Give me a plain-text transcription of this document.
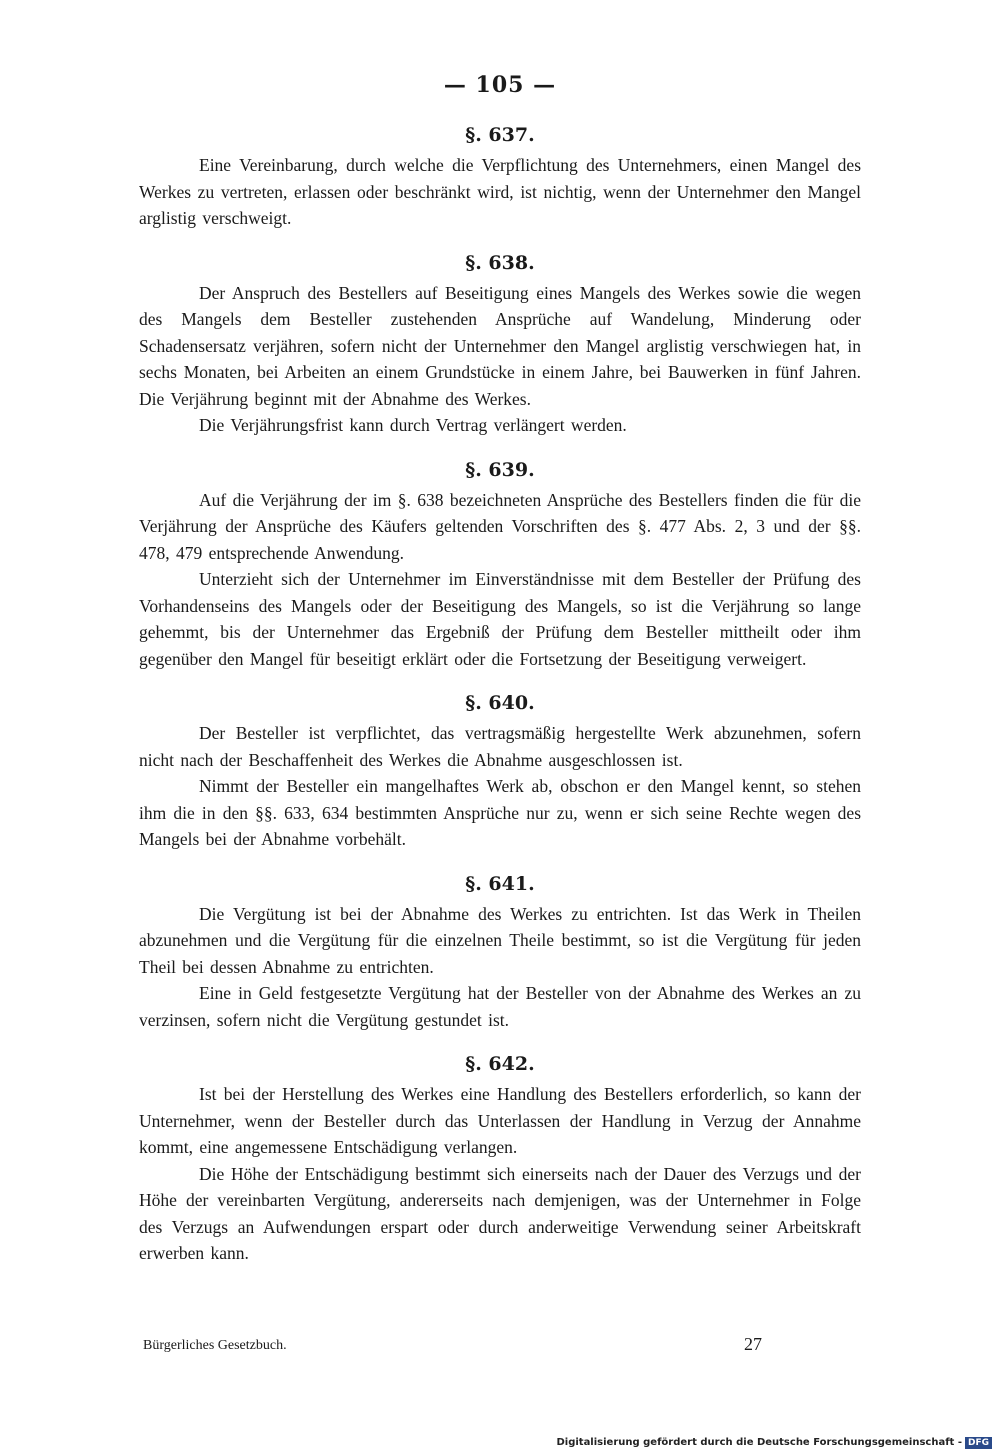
— 105 —
§. 637.

Eine Vereinbarung, durch welche die Verpflichtung des Unternehmers, einen Mangel des Werkes zu vertreten, erlassen oder beschränkt wird, ist nichtig, wenn der Unternehmer den Mangel arglistig verschweigt.

§. 638.

Der Anspruch des Bestellers auf Beseitigung eines Mangels des Werkes sowie die wegen des Mangels dem Besteller zustehenden Ansprüche auf Wandelung, Minderung oder Schadensersatz verjähren, sofern nicht der Unternehmer den Mangel arglistig verschwiegen hat, in sechs Monaten, bei Arbeiten an einem Grundstücke in einem Jahre, bei Bauwerken in fünf Jahren. Die Verjährung beginnt mit der Abnahme des Werkes.

Die Verjährungsfrist kann durch Vertrag verlängert werden.

§. 639.

Auf die Verjährung der im §. 638 bezeichneten Ansprüche des Bestellers finden die für die Verjährung der Ansprüche des Käufers geltenden Vorschriften des §. 477 Abs. 2, 3 und der §§. 478, 479 entsprechende Anwendung.

Unterzieht sich der Unternehmer im Einverständnisse mit dem Besteller der Prüfung des Vorhandenseins des Mangels oder der Beseitigung des Mangels, so ist die Verjährung so lange gehemmt, bis der Unternehmer das Ergebniß der Prüfung dem Besteller mittheilt oder ihm gegenüber den Mangel für beseitigt erklärt oder die Fortsetzung der Beseitigung verweigert.

§. 640.

Der Besteller ist verpflichtet, das vertragsmäßig hergestellte Werk abzunehmen, sofern nicht nach der Beschaffenheit des Werkes die Abnahme ausgeschlossen ist.

Nimmt der Besteller ein mangelhaftes Werk ab, obschon er den Mangel kennt, so stehen ihm die in den §§. 633, 634 bestimmten Ansprüche nur zu, wenn er sich seine Rechte wegen des Mangels bei der Abnahme vorbehält.

§. 641.

Die Vergütung ist bei der Abnahme des Werkes zu entrichten. Ist das Werk in Theilen abzunehmen und die Vergütung für die einzelnen Theile bestimmt, so ist die Vergütung für jeden Theil bei dessen Abnahme zu entrichten.

Eine in Geld festgesetzte Vergütung hat der Besteller von der Abnahme des Werkes an zu verzinsen, sofern nicht die Vergütung gestundet ist.

§. 642.

Ist bei der Herstellung des Werkes eine Handlung des Bestellers erforderlich, so kann der Unternehmer, wenn der Besteller durch das Unterlassen der Handlung in Verzug der Annahme kommt, eine angemessene Entschädigung verlangen.

Die Höhe der Entschädigung bestimmt sich einerseits nach der Dauer des Verzugs und der Höhe der vereinbarten Vergütung, andererseits nach demjenigen, was der Unternehmer in Folge des Verzugs an Aufwendungen erspart oder durch anderweitige Verwendung seiner Arbeitskraft erwerben kann.

Bürgerliches Gesetzbuch.	27
Digitalisierung gefördert durch die Deutsche Forschungsgemeinschaft - DFG
